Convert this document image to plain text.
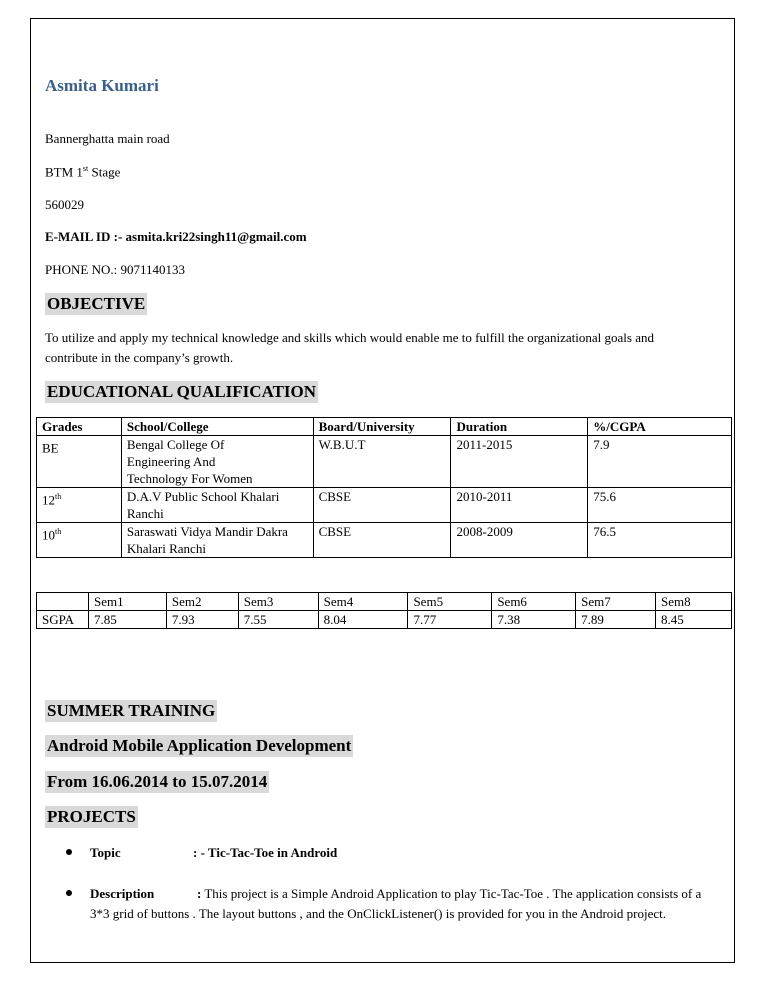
Asmita Kumari
Bannerghatta main road
BTM 1st Stage
560029
E-MAIL ID :- asmita.kri22singh11@gmail.com
PHONE NO.: 9071140133
OBJECTIVE
To utilize and apply my technical knowledge and skills which would enable me to fulfill the organizational goals and contribute in the company’s growth.
EDUCATIONAL QUALIFICATION
Grades	School/College	Board/University	Duration	%/CGPA
BE	Bengal College Of Engineering And Technology For Women	W.B.U.T	2011-2015	7.9
12th	D.A.V Public School Khalari Ranchi	CBSE	2010-2011	75.6
10th	Saraswati Vidya Mandir Dakra Khalari Ranchi	CBSE	2008-2009	76.5
	Sem1	Sem2	Sem3	Sem4	Sem5	Sem6	Sem7	Sem8
SGPA	7.85	7.93	7.55	8.04	7.77	7.38	7.89	8.45
SUMMER TRAINING
Android Mobile Application Development
From 16.06.2014 to 15.07.2014
PROJECTS
Topic	: - Tic-Tac-Toe in Android
Description	: This project is a Simple Android Application to play Tic-Tac-Toe . The application consists of a 3*3 grid of buttons . The layout buttons , and the OnClickListener() is provided for you in the Android project.
